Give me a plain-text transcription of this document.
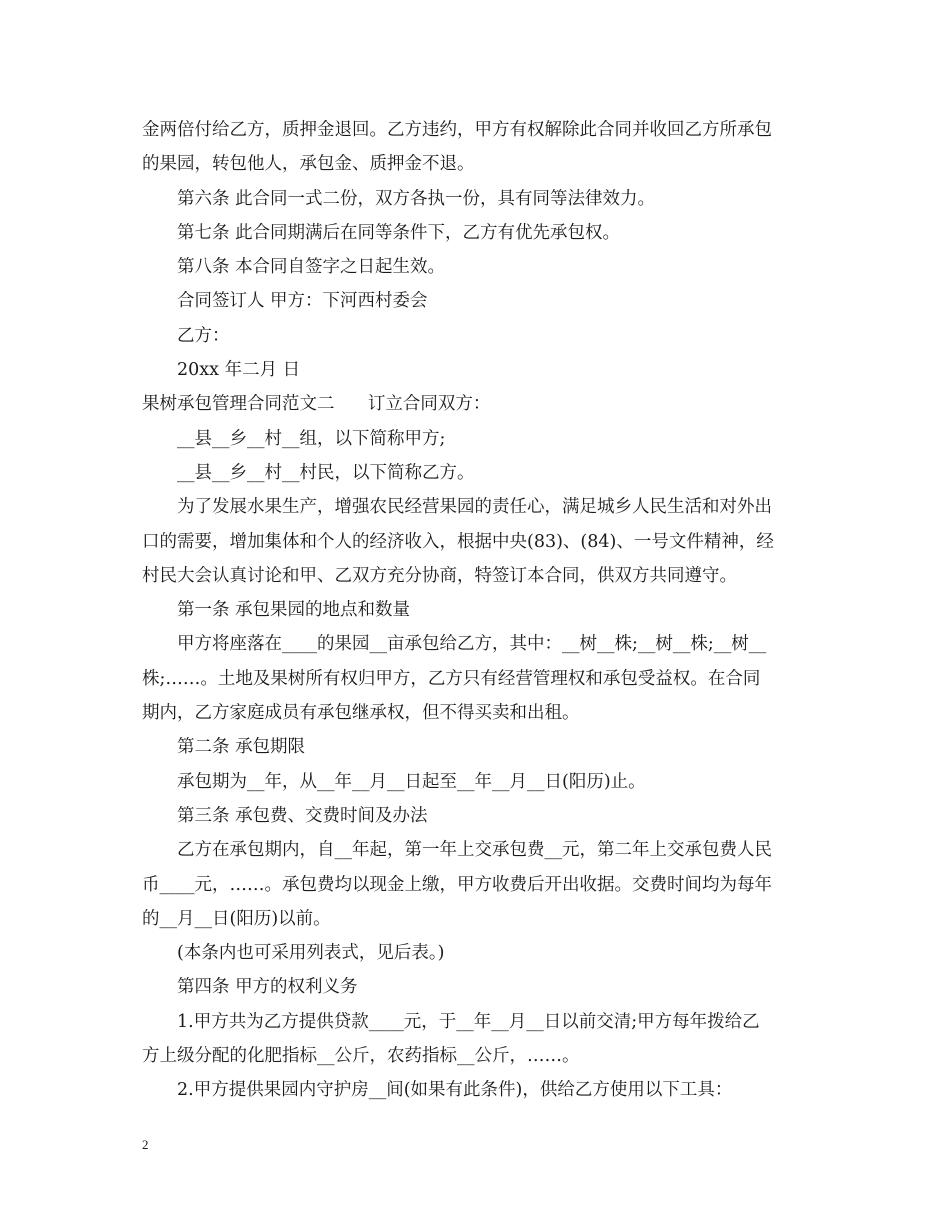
金两倍付给乙方，质押金退回。乙方违约，甲方有权解除此合同并收回乙方所承包
的果园，转包他人，承包金、质押金不退。
第六条 此合同一式二份，双方各执一份，具有同等法律效力。
第七条 此合同期满后在同等条件下，乙方有优先承包权。
第八条 本合同自签字之日起生效。
合同签订人 甲方：下河西村委会
乙方：
20xx 年二月 日
果树承包管理合同范文二      订立合同双方：
__县__乡__村__组，以下简称甲方;
__县__乡__村__村民，以下简称乙方。
为了发展水果生产，增强农民经营果园的责任心，满足城乡人民生活和对外出
口的需要，增加集体和个人的经济收入，根据中央(83)、(84)、一号文件精神，经
村民大会认真讨论和甲、乙双方充分协商，特签订本合同，供双方共同遵守。
第一条 承包果园的地点和数量
甲方将座落在____的果园__亩承包给乙方，其中：__树__株;__树__株;__树__
株;……。土地及果树所有权归甲方，乙方只有经营管理权和承包受益权。在合同
期内，乙方家庭成员有承包继承权，但不得买卖和出租。
第二条 承包期限
承包期为__年，从__年__月__日起至__年__月__日(阳历)止。
第三条 承包费、交费时间及办法
乙方在承包期内，自__年起，第一年上交承包费__元，第二年上交承包费人民
币____元，……。承包费均以现金上缴，甲方收费后开出收据。交费时间均为每年
的__月__日(阳历)以前。
(本条内也可采用列表式，见后表。)
第四条 甲方的权利义务
1.甲方共为乙方提供贷款____元，于__年__月__日以前交清;甲方每年拨给乙
方上级分配的化肥指标__公斤，农药指标__公斤，……。
2.甲方提供果园内守护房__间(如果有此条件)，供给乙方使用以下工具：
2
